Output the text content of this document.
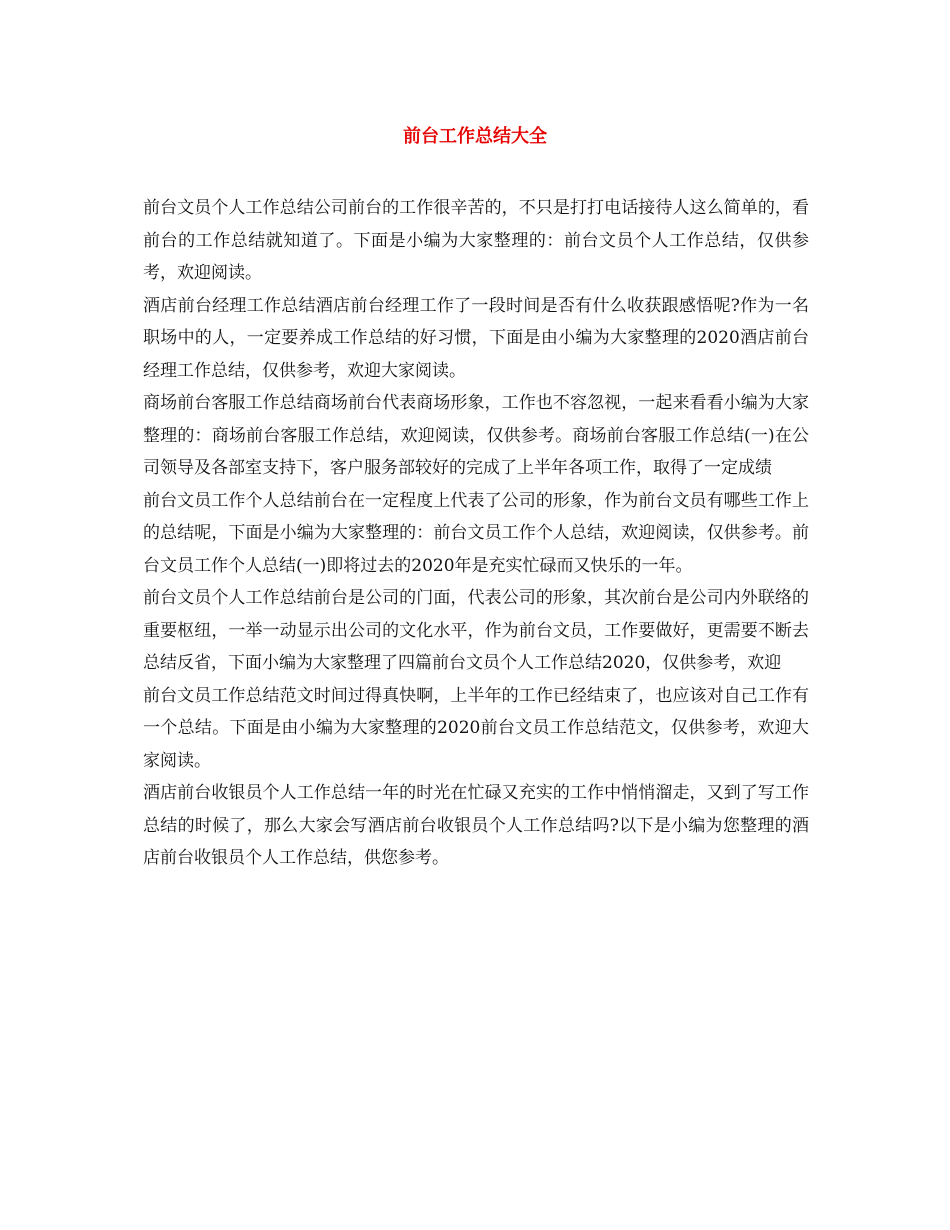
前台工作总结大全

前台文员个人工作总结公司前台的工作很辛苦的，不只是打打电话接待人这么简单的，看前台的工作总结就知道了。下面是小编为大家整理的：前台文员个人工作总结，仅供参考，欢迎阅读。

酒店前台经理工作总结酒店前台经理工作了一段时间是否有什么收获跟感悟呢?作为一名职场中的人，一定要养成工作总结的好习惯，下面是由小编为大家整理的2020酒店前台经理工作总结，仅供参考，欢迎大家阅读。

商场前台客服工作总结商场前台代表商场形象，工作也不容忽视，一起来看看小编为大家整理的：商场前台客服工作总结，欢迎阅读，仅供参考。商场前台客服工作总结(一)在公司领导及各部室支持下，客户服务部较好的完成了上半年各项工作，取得了一定成绩

前台文员工作个人总结前台在一定程度上代表了公司的形象，作为前台文员有哪些工作上的总结呢，下面是小编为大家整理的：前台文员工作个人总结，欢迎阅读，仅供参考。前台文员工作个人总结(一)即将过去的2020年是充实忙碌而又快乐的一年。

前台文员个人工作总结前台是公司的门面，代表公司的形象，其次前台是公司内外联络的重要枢纽，一举一动显示出公司的文化水平，作为前台文员，工作要做好，更需要不断去总结反省，下面小编为大家整理了四篇前台文员个人工作总结2020，仅供参考，欢迎

前台文员工作总结范文时间过得真快啊，上半年的工作已经结束了，也应该对自己工作有一个总结。下面是由小编为大家整理的2020前台文员工作总结范文，仅供参考，欢迎大家阅读。

酒店前台收银员个人工作总结一年的时光在忙碌又充实的工作中悄悄溜走，又到了写工作总结的时候了，那么大家会写酒店前台收银员个人工作总结吗?以下是小编为您整理的酒店前台收银员个人工作总结，供您参考。
